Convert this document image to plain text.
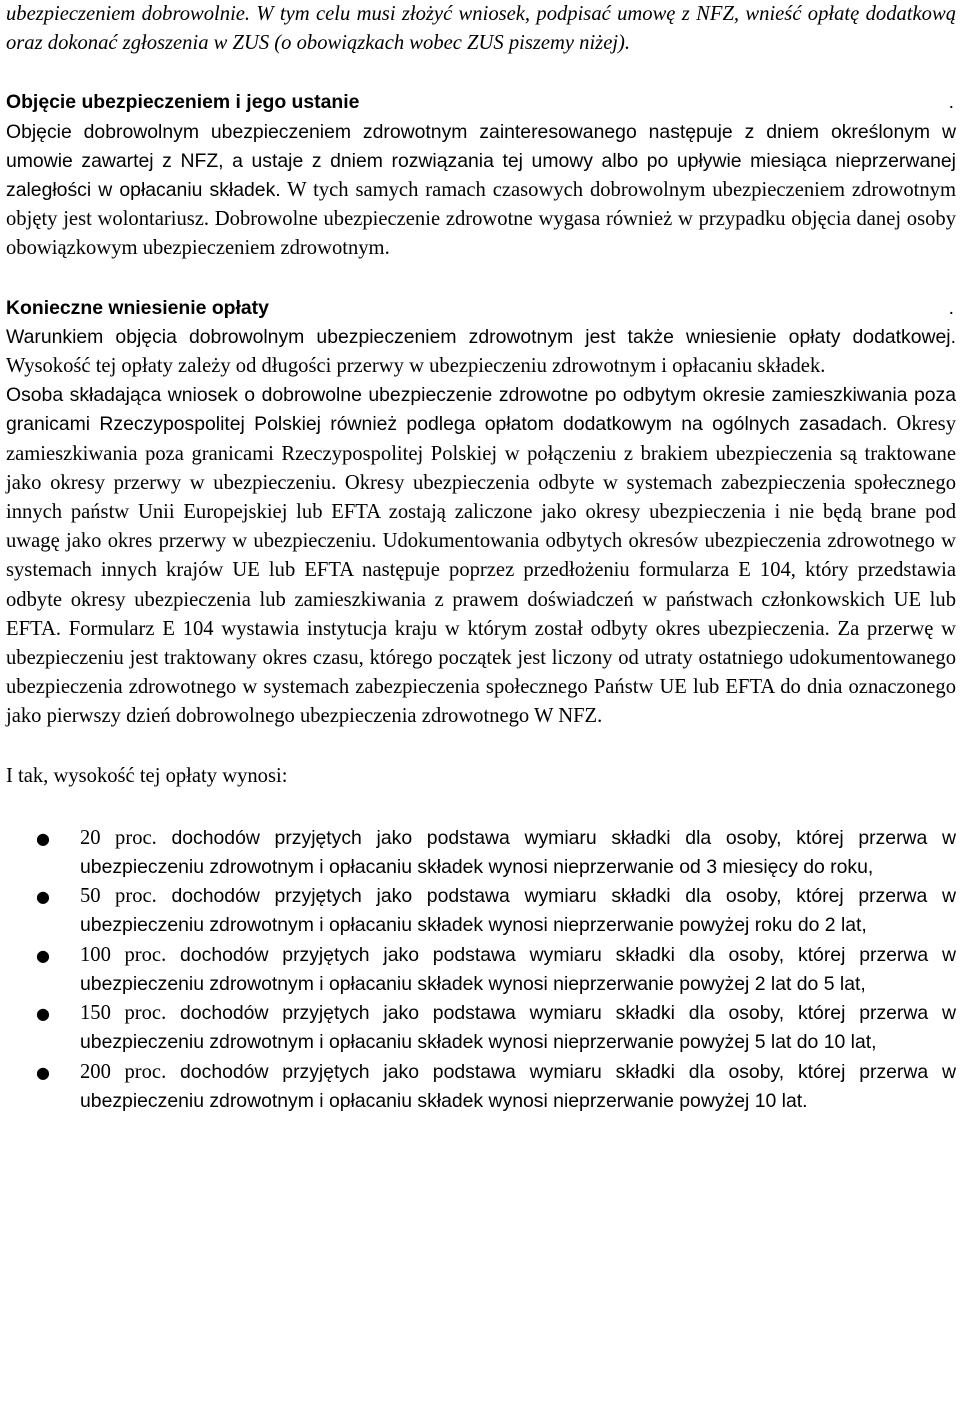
ubezpieczeniem dobrowolnie. W tym celu musi złożyć wniosek, podpisać umowę z NFZ, wnieść opłatę dodatkową oraz dokonać zgłoszenia w ZUS (o obowiązkach wobec ZUS piszemy niżej).

Objęcie ubezpieczeniem i jego ustanie	.

Objęcie dobrowolnym ubezpieczeniem zdrowotnym zainteresowanego następuje z dniem określonym w umowie zawartej z NFZ, a ustaje z dniem rozwiązania tej umowy albo po upływie miesiąca nieprzerwanej zaległości w opłacaniu składek. W tych samych ramach czasowych dobrowolnym ubezpieczeniem zdrowotnym objęty jest wolontariusz. Dobrowolne ubezpieczenie zdrowotne wygasa również w przypadku objęcia danej osoby obowiązkowym ubezpieczeniem zdrowotnym.

Konieczne wniesienie opłaty	.

Warunkiem objęcia dobrowolnym ubezpieczeniem zdrowotnym jest także wniesienie opłaty dodatkowej. Wysokość tej opłaty zależy od długości przerwy w ubezpieczeniu zdrowotnym i opłacaniu składek.

Osoba składająca wniosek o dobrowolne ubezpieczenie zdrowotne po odbytym okresie zamieszkiwania poza granicami Rzeczypospolitej Polskiej również podlega opłatom dodatkowym na ogólnych zasadach. Okresy zamieszkiwania poza granicami Rzeczypospolitej Polskiej w połączeniu z brakiem ubezpieczenia są traktowane jako okresy przerwy w ubezpieczeniu. Okresy ubezpieczenia odbyte w systemach zabezpieczenia społecznego innych państw Unii Europejskiej lub EFTA zostają zaliczone jako okresy ubezpieczenia i nie będą brane pod uwagę jako okres przerwy w ubezpieczeniu. Udokumentowania odbytych okresów ubezpieczenia zdrowotnego w systemach innych krajów UE lub EFTA następuje poprzez przedłożeniu formularza E 104, który przedstawia odbyte okresy ubezpieczenia lub zamieszkiwania z prawem doświadczeń w państwach członkowskich UE lub EFTA. Formularz E 104 wystawia instytucja kraju w którym został odbyty okres ubezpieczenia. Za przerwę w ubezpieczeniu jest traktowany okres czasu, którego początek jest liczony od utraty ostatniego udokumentowanego ubezpieczenia zdrowotnego w systemach zabezpieczenia społecznego Państw UE lub EFTA do dnia oznaczonego jako pierwszy dzień dobrowolnego ubezpieczenia zdrowotnego W NFZ.

I tak, wysokość tej opłaty wynosi:

● 20 proc. dochodów przyjętych jako podstawa wymiaru składki dla osoby, której przerwa w ubezpieczeniu zdrowotnym i opłacaniu składek wynosi nieprzerwanie od 3 miesięcy do roku,
● 50 proc. dochodów przyjętych jako podstawa wymiaru składki dla osoby, której przerwa w ubezpieczeniu zdrowotnym i opłacaniu składek wynosi nieprzerwanie powyżej roku do 2 lat,
● 100 proc. dochodów przyjętych jako podstawa wymiaru składki dla osoby, której przerwa w ubezpieczeniu zdrowotnym i opłacaniu składek wynosi nieprzerwanie powyżej 2 lat do 5 lat,
● 150 proc. dochodów przyjętych jako podstawa wymiaru składki dla osoby, której przerwa w ubezpieczeniu zdrowotnym i opłacaniu składek wynosi nieprzerwanie powyżej 5 lat do 10 lat,
● 200 proc. dochodów przyjętych jako podstawa wymiaru składki dla osoby, której przerwa w ubezpieczeniu zdrowotnym i opłacaniu składek wynosi nieprzerwanie powyżej 10 lat.
